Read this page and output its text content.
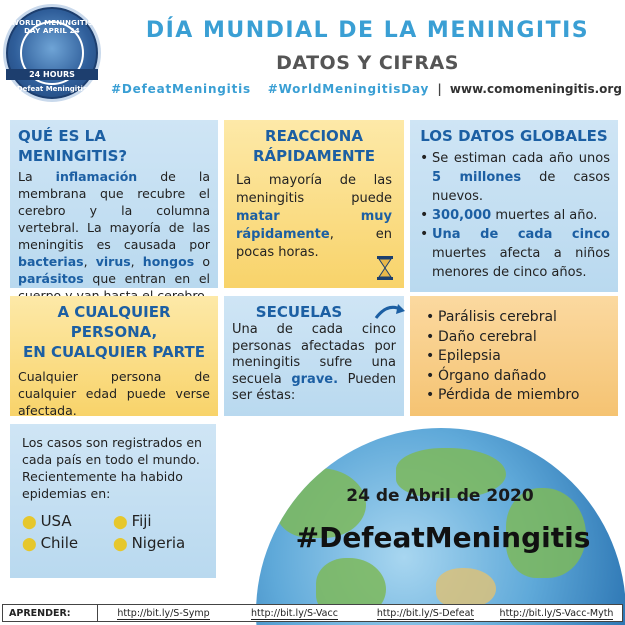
WORLD MENINGITIS DAY APRIL 24
24 HOURS
Defeat Meningitis
DÍA MUNDIAL DE LA MENINGITIS
DATOS Y CIFRAS
#DefeatMeningitis #WorldMeningitisDay | www.comomeningitis.org
QUÉ ES LA MENINGITIS?
La inflamación de la membrana que recubre el cerebro y la columna vertebral. La mayoría de las meningitis es causada por bacterias, virus, hongos o parásitos que entran en el
REACCIONA
RÁPIDAMENTE
La mayoría de las meningitis puede matar muy rápidamente, en pocas horas.
LOS DATOS GLOBALES
• Se estiman cada año unos 5 millones de casos nuevos.
• 300,000 muertes al año.
• Una de cada cinco muertes afecta a niños menores de cinco años.
A CUALQUIER PERSONA,
EN CUALQUIER PARTE
Cualquier persona de cualquier edad puede verse afectada.
SECUELAS
Una de cada cinco personas afectadas por meningitis sufre una secuela grave. Pueden ser éstas:
• Parálisis cerebral
• Daño cerebral
• Epilepsia
• Órgano dañado
• Pérdida de miembro
Los casos son registrados en cada país en todo el mundo. Recientemente ha habido epidemias en:
⬤ USA	⬤ Fiji
⬤ Chile	⬤ Nigeria
24 de Abril de 2020
#DefeatMeningitis
APRENDER:	http://bit.ly/S-Symp	http://bit.ly/S-Vacc	http://bit.ly/S-Defeat	http://bit.ly/S-Vacc-Myth
